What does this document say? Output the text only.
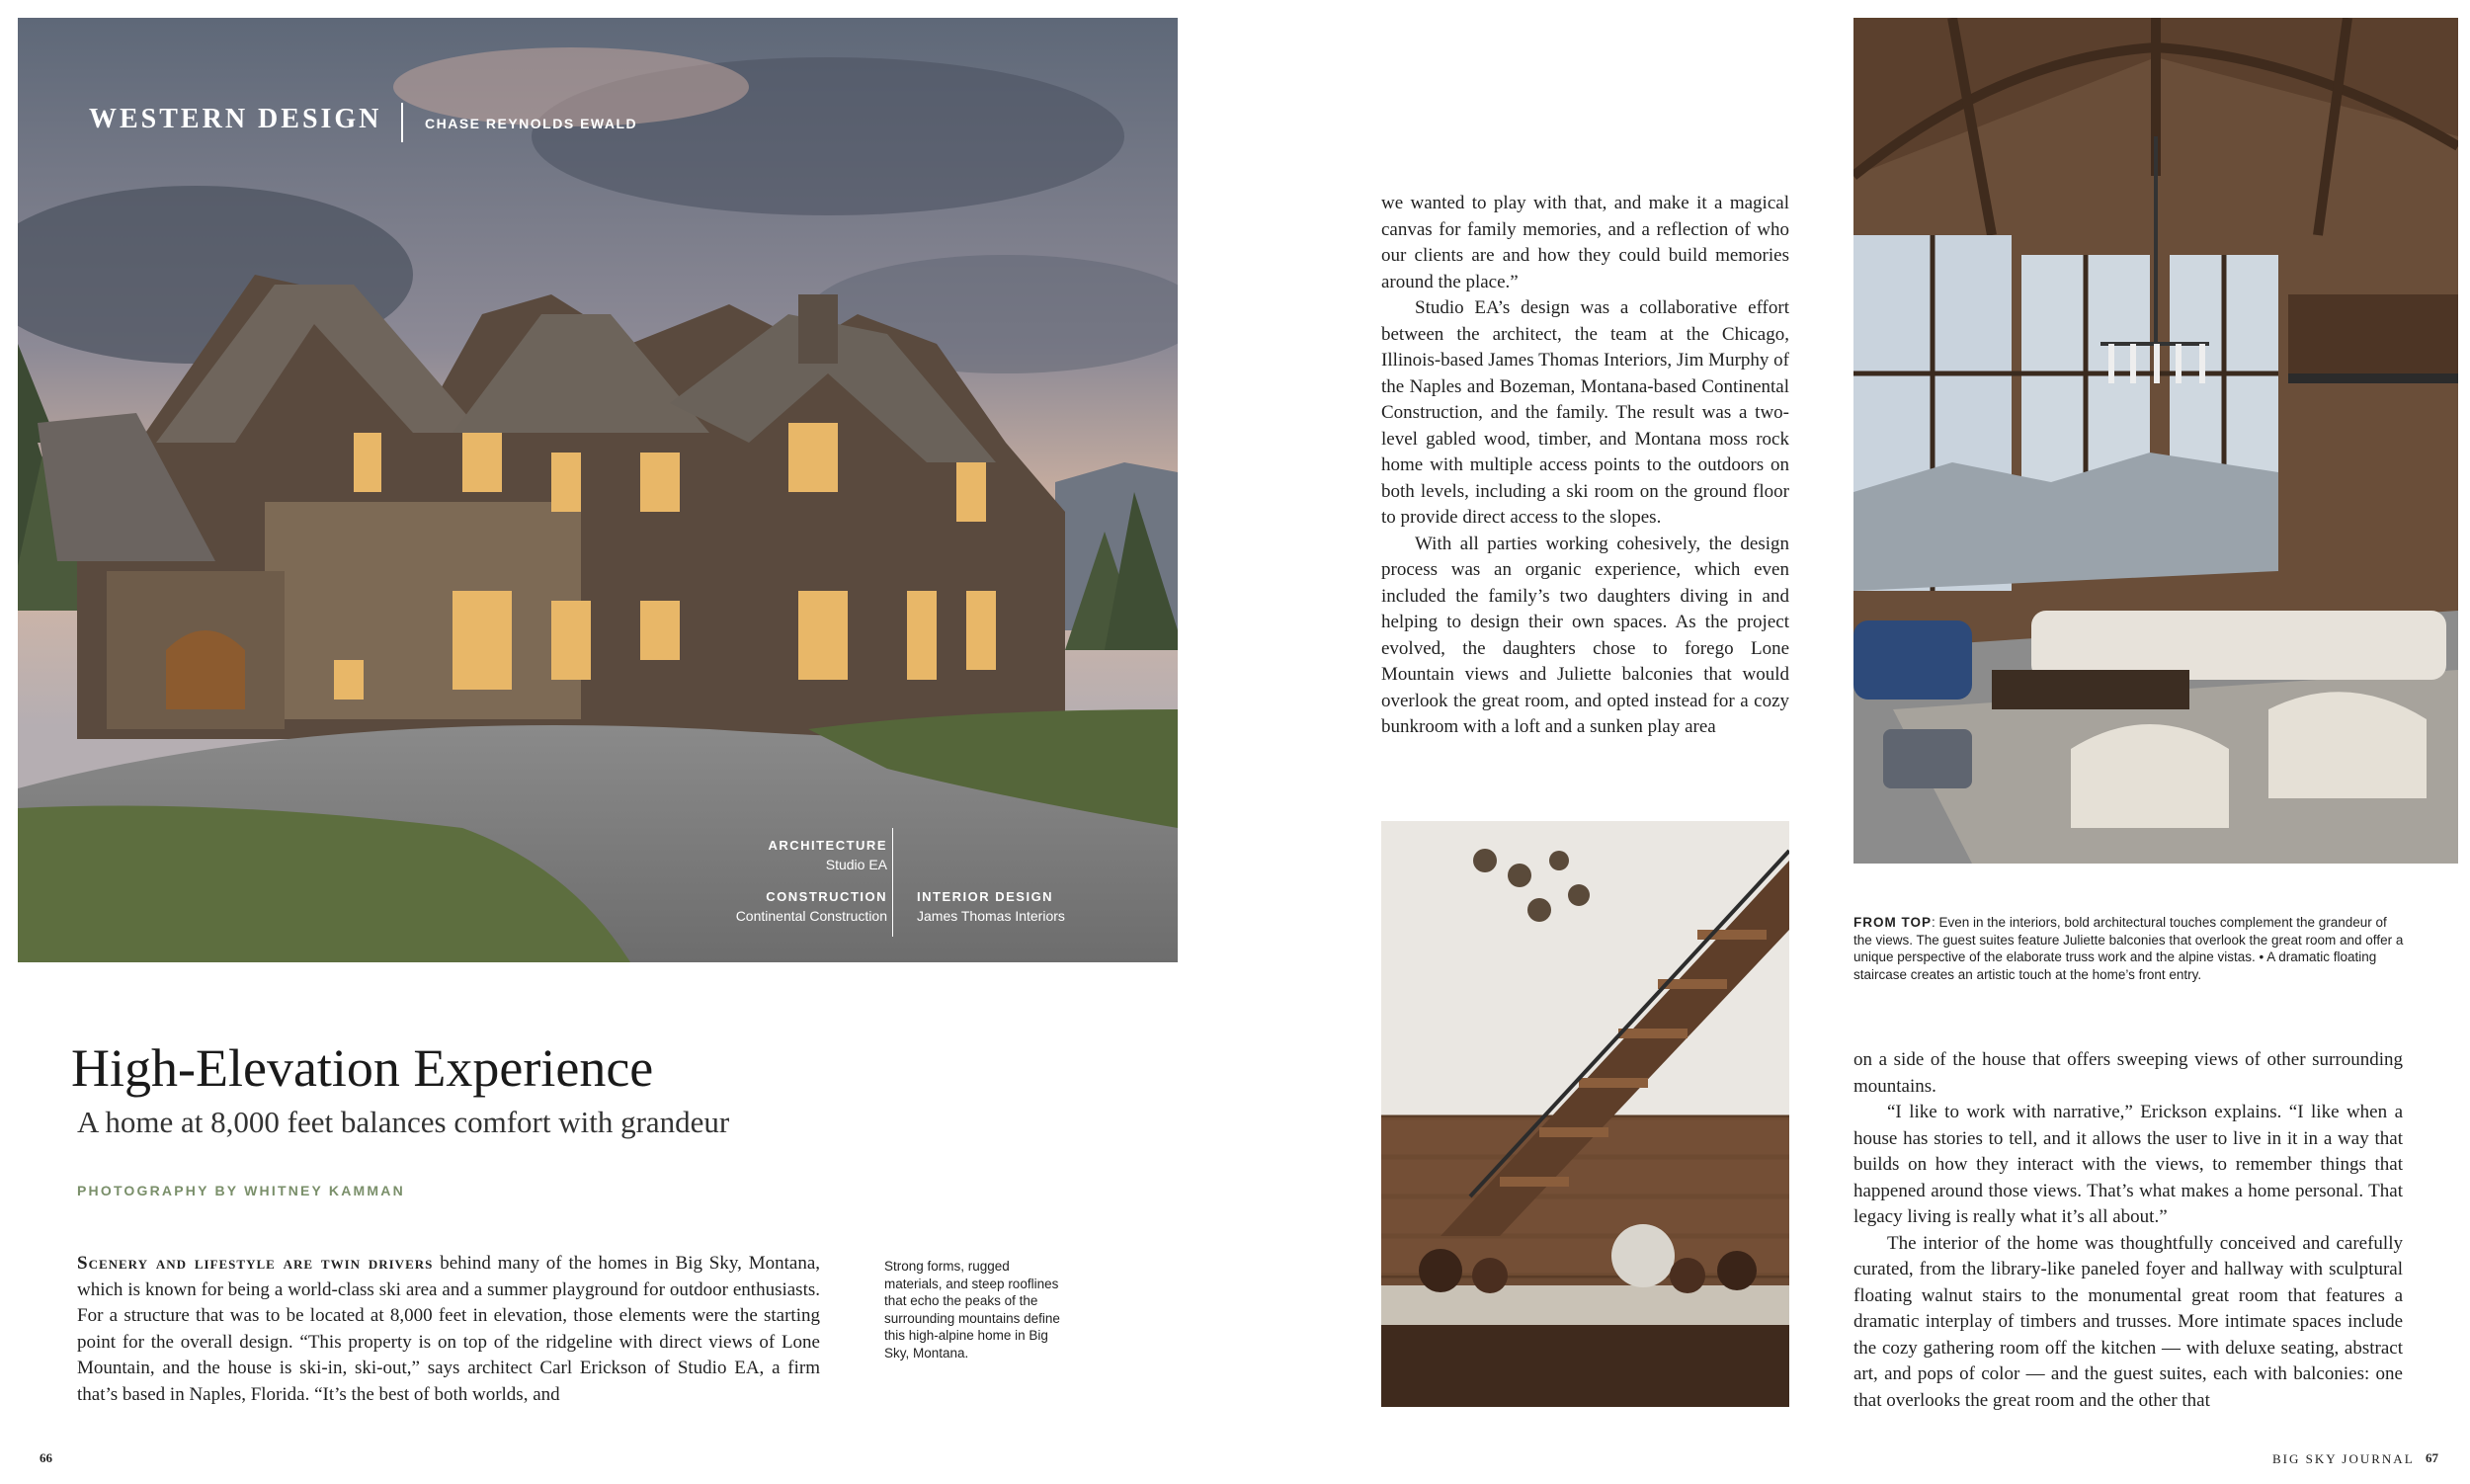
WESTERN DESIGN	CHASE REYNOLDS EWALD
ARCHITECTURE
Studio EA
CONSTRUCTION
Continental Construction
INTERIOR DESIGN
James Thomas Interiors
High-Elevation Experience
A home at 8,000 feet balances comfort with grandeur
PHOTOGRAPHY BY WHITNEY KAMMAN

Scenery and lifestyle are twin drivers behind many of the homes in Big Sky, Montana, which is known for being a world-class ski area and a summer playground for outdoor enthusiasts. For a structure that was to be located at 8,000 feet in elevation, those elements were the starting point for the overall design. “This property is on top of the ridgeline with direct views of Lone Mountain, and the house is ski-in, ski-out,” says architect Carl Erickson of Studio EA, a firm that’s based in Naples, Florida. “It’s the best of both worlds, and

Strong forms, rugged materials, and steep rooflines that echo the peaks of the surrounding mountains define this high-alpine home in Big Sky, Montana.
66

we wanted to play with that, and make it a magical canvas for family memories, and a reflection of who our clients are and how they could build memories around the place.”

Studio EA’s design was a collaborative effort between the architect, the team at the Chicago, Illinois-based James Thomas Interiors, Jim Murphy of the Naples and Bozeman, Montana-based Continental Construction, and the family. The result was a two-level gabled wood, timber, and Montana moss rock home with multiple access points to the outdoors on both levels, including a ski room on the ground floor to provide direct access to the slopes.

With all parties working cohesively, the design process was an organic experience, which even included the family’s two daughters diving in and helping to design their own spaces. As the project evolved, the daughters chose to forego Lone Mountain views and Juliette balconies that would overlook the great room, and opted instead for a cozy bunkroom with a loft and a sunken play area

FROM TOP: Even in the interiors, bold architectural touches complement the grandeur of the views. The guest suites feature Juliette balconies that overlook the great room and offer a unique perspective of the elaborate truss work and the alpine vistas. • A dramatic floating staircase creates an artistic touch at the home’s front entry.

on a side of the house that offers sweeping views of other surrounding mountains.

“I like to work with narrative,” Erickson explains. “I like when a house has stories to tell, and it allows the user to live in it in a way that builds on how they interact with the views, to remember things that happened around those views. That’s what makes a home personal. That legacy living is really what it’s all about.”

The interior of the home was thoughtfully conceived and carefully curated, from the library-like paneled foyer and hallway with sculptural floating walnut stairs to the monumental great room that features a dramatic interplay of timbers and trusses. More intimate spaces include the cozy gathering room off the kitchen — with deluxe seating, abstract art, and pops of color — and the guest suites, each with balconies: one that overlooks the great room and the other that

BIG SKY JOURNAL 67
